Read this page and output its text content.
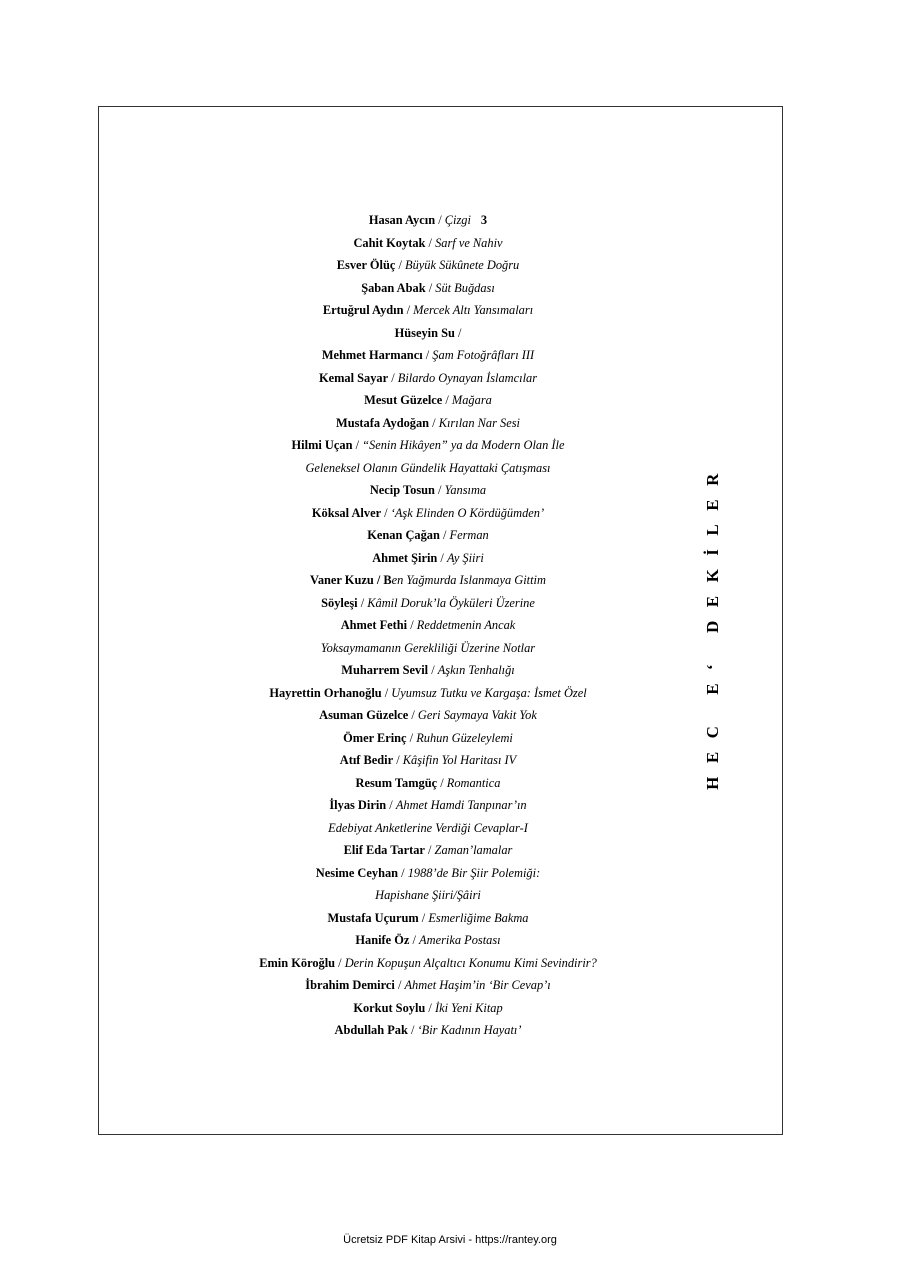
Hasan Aycın / Çizgi 3
Cahit Koytak / Sarf ve Nahiv
Esver Ölüç / Büyük Sükûnete Doğru
Şaban Abak / Süt Buğdası
Ertuğrul Aydın / Mercek Altı Yansımaları
Hüseyin Su /
Mehmet Harmancı / Şam Fotoğrâfları III
Kemal Sayar / Bilardo Oynayan İslamcılar
Mesut Güzelce / Mağara
Mustafa Aydoğan / Kırılan Nar Sesi
Hilmi Uçan / “Senin Hikâyen” ya da Modern Olan İle
Geleneksel Olanın Gündelik Hayattaki Çatışması
Necip Tosun / Yansıma
Köksal Alver / ‘Aşk Elinden O Kördüğümden’
Kenan Çağan / Ferman
Ahmet Şirin / Ay Şiiri
Vaner Kuzu / Ben Yağmurda Islanmaya Gittim
Söyleşi / Kâmil Doruk’la Öyküleri Üzerine
Ahmet Fethi / Reddetmenin Ancak
Yoksaymamanın Gerekliliği Üzerine Notlar
Muharrem Sevil / Aşkın Tenhalığı
Hayrettin Orhanoğlu / Uyumsuz Tutku ve Kargaşa: İsmet Özel
Asuman Güzelce / Geri Saymaya Vakit Yok
Ömer Erinç / Ruhun Güzeleylemi
Atıf Bedir / Kâşifin Yol Haritası IV
Resum Tamgüç / Romantica
İlyas Dirin / Ahmet Hamdi Tanpınar’ın
Edebiyat Anketlerine Verdiği Cevaplar-I
Elif Eda Tartar / Zaman’lamalar
Nesime Ceyhan / 1988’de Bir Şiir Polemiği:
Hapishane Şiiri/Şâiri
Mustafa Uçurum / Esmerliğime Bakma
Hanife Öz / Amerika Postası
Emin Köroğlu / Derin Kopuşun Alçaltıcı Konumu Kimi Sevindirir?
İbrahim Demirci / Ahmet Haşim’in ‘Bir Cevap’ı
Korkut Soylu / İki Yeni Kitap
Abdullah Pak / ‘Bir Kadının Hayatı’
HEC E‘ DEKİLER
Ücretsiz PDF Kitap Arsivi - https://rantey.org
